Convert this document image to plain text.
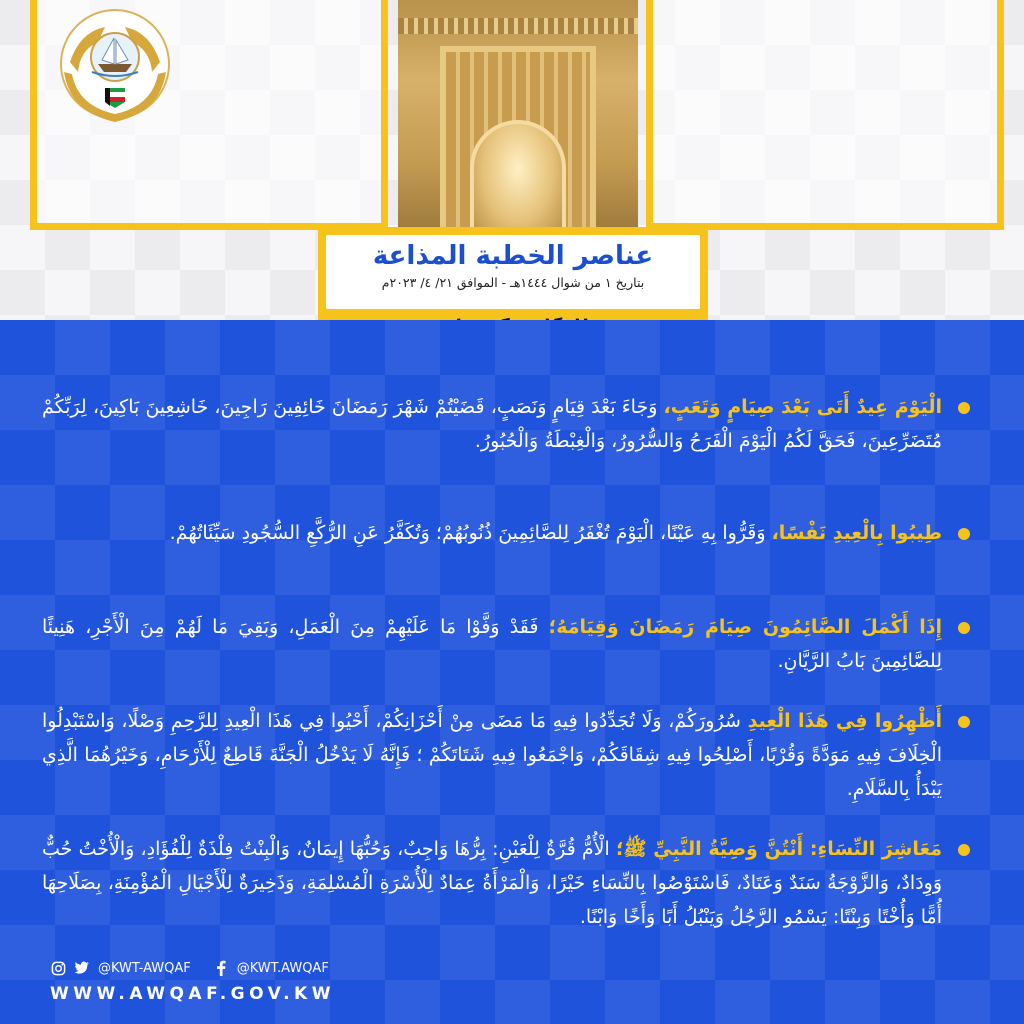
عناصر الخطبة المذاعة
بتاريخ ١ من شوال ١٤٤٤هـ - الموافق ٢١/ ٤/ ٢٠٢٣م
الْيَوْمَ عِيدٌ أَتَى بَعْدَ صِيَامٍ وَتَعَبٍ، وَجَاءَ بَعْدَ قِيَامٍ وَنَصَبٍ، قَضَيْتُمْ شَهْرَ رَمَضَانَ خَائِفِينَ رَاجِينَ، خَاشِعِينَ بَاكِينَ، لِرَبِّكُمْ مُتَضَرِّعِينَ، فَحَقَّ لَكُمُ الْيَوْمَ الْفَرَحُ وَالسُّرُورُ، وَالْغِبْطَةُ وَالْحُبُورُ.
طِيبُوا بِالْعِيدِ نَفْسًا، وَقَرُّوا بِهِ عَيْنًا، الْيَوْمَ تُغْفَرُ لِلصَّائِمِينَ ذُنُوبُهُمْ؛ وَتُكَفَّرُ عَنِ الرُّكَّعِ السُّجُودِ سَيِّئَاتُهُمْ.
إِذَا أَكْمَلَ الصَّائِمُونَ صِيَامَ رَمَضَانَ وَقِيَامَهُ؛ فَقَدْ وَفَّوْا مَا عَلَيْهِمْ مِنَ الْعَمَلِ، وَبَقِيَ مَا لَهُمْ مِنَ الْأَجْرِ، هَنِيئًا لِلصَّائِمِينَ بَابُ الرَّيَّانِ.
أَظْهِرُوا فِي هَذَا الْعِيدِ سُرُورَكُمْ، وَلَا تُجَدِّدُوا فِيهِ مَا مَضَى مِنْ أَحْزَانِكُمْ، أَحْيُوا فِي هَذَا الْعِيدِ لِلرَّحِمِ وَصْلًا، وَاسْتَبْدِلُوا الْخِلَافَ فِيهِ مَوَدَّةً وَقُرْبًا، أَصْلِحُوا فِيهِ شِقَاقَكُمْ، وَاجْمَعُوا فِيهِ شَتَاتَكُمْ ؛ فَإِنَّهُ لَا يَدْخُلُ الْجَنَّةَ قَاطِعٌ لِلْأَرْحَامِ، وَخَيْرُهُمَا الَّذِي يَبْدَأُ بِالسَّلَامِ.
مَعَاشِرَ النِّسَاءِ: أَنْتُنَّ وَصِيَّةُ النَّبِيِّ ﷺ؛ الْأُمُّ قُرَّةٌ لِلْعَيْنِ: بِرُّهَا وَاجِبٌ، وَحُبُّهَا إِيمَانٌ، وَالْبِنْتُ فِلْذَةٌ لِلْفُؤَادِ، وَالْأُخْتُ حُبٌّ وَوِدَادٌ، وَالزَّوْجَةُ سَنَدٌ وَعَتَادٌ، فَاسْتَوْصُوا بِالنِّسَاءِ خَيْرًا، وَالْمَرْأَةُ عِمَادٌ لِلْأُسْرَةِ الْمُسْلِمَةِ، وَذَخِيرَةٌ لِلْأَجْيَالِ الْمُؤْمِنَةِ، بِصَلَاحِهَا أُمًّا وَأُخْتًا وَبِنْتًا: يَسْمُو الرَّجُلُ وَيَنْبُلُ أَبًا وَأَخًا وَابْنًا.
@KWT-AWQAF	@KWT.AWQAF
WWW.AWQAF.GOV.KW
